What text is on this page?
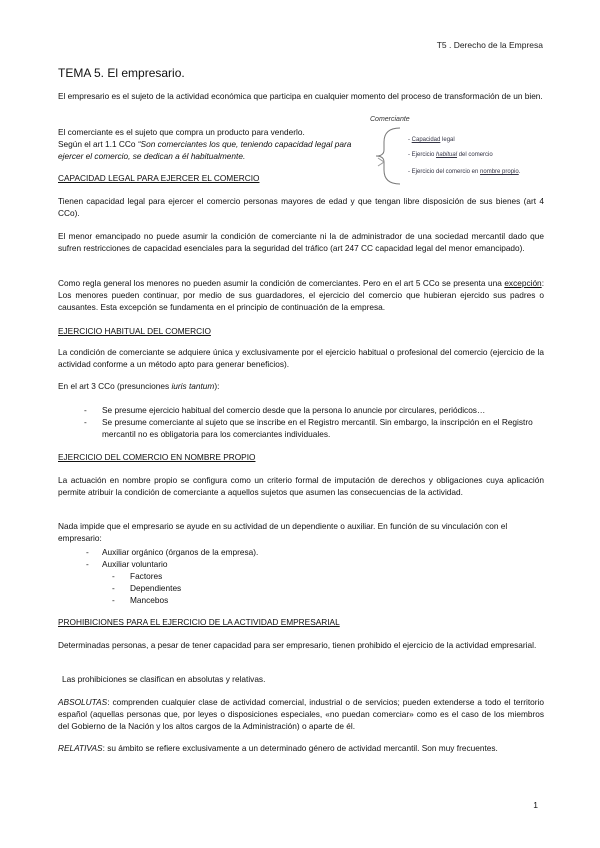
T5 . Derecho de la Empresa
TEMA 5. El empresario.

El empresario es el sujeto de la actividad económica que participa en cualquier momento del proceso de transformación de un bien.

El comerciante es el sujeto que compra un producto para venderlo.

Según el art 1.1 CCo “Son comerciantes los que, teniendo capacidad legal para ejercer el comercio, se dedican a él habitualmente.

Comerciante
- Capacidad legal
- Ejercicio habitual del comercio
- Ejercicio del comercio en nombre propio.
CAPACIDAD LEGAL PARA EJERCER EL COMERCIO

Tienen capacidad legal para ejercer el comercio personas mayores de edad y que tengan libre disposición de sus bienes (art 4 CCo).

El menor emancipado no puede asumir la condición de comerciante ni la de administrador de una sociedad mercantil dado que sufren restricciones de capacidad esenciales para la seguridad del tráfico (art 247 CC capacidad legal del menor emancipado).

Como regla general los menores no pueden asumir la condición de comerciantes. Pero en el art 5 CCo se presenta una excepción: Los menores pueden continuar, por medio de sus guardadores, el ejercicio del comercio que hubieran ejercido sus padres o causantes. Esta excepción se fundamenta en el principio de continuación de la empresa.

EJERCICIO HABITUAL DEL COMERCIO

La condición de comerciante se adquiere única y exclusivamente por el ejercicio habitual o profesional del comercio (ejercicio de la actividad conforme a un método apto para generar beneficios).

En el art 3 CCo (presunciones iuris tantum):

- Se presume ejercicio habitual del comercio desde que la persona lo anuncie por circulares, periódicos…
- Se presume comerciante al sujeto que se inscribe en el Registro mercantil. Sin embargo, la inscripción en el Registro mercantil no es obligatoria para los comerciantes individuales.
EJERCICIO DEL COMERCIO EN NOMBRE PROPIO

La actuación en nombre propio se configura como un criterio formal de imputación de derechos y obligaciones cuya aplicación permite atribuir la condición de comerciante a aquellos sujetos que asumen las consecuencias de la actividad.

Nada impide que el empresario se ayude en su actividad de un dependiente o auxiliar. En función de su vinculación con el empresario:

- Auxiliar orgánico (órganos de la empresa).
- Auxiliar voluntario
- Factores
- Dependientes
- Mancebos
PROHIBICIONES PARA EL EJERCICIO DE LA ACTIVIDAD EMPRESARIAL

Determinadas personas, a pesar de tener capacidad para ser empresario, tienen prohibido el ejercicio de la actividad empresarial.

Las prohibiciones se clasifican en absolutas y relativas.

ABSOLUTAS: comprenden cualquier clase de actividad comercial, industrial o de servicios; pueden extenderse a todo el territorio español (aquellas personas que, por leyes o disposiciones especiales, «no puedan comerciar» como es el caso de los miembros del Gobierno de la Nación y los altos cargos de la Administración) o aparte de él.

RELATIVAS: su ámbito se refiere exclusivamente a un determinado género de actividad mercantil. Son muy frecuentes.

1
